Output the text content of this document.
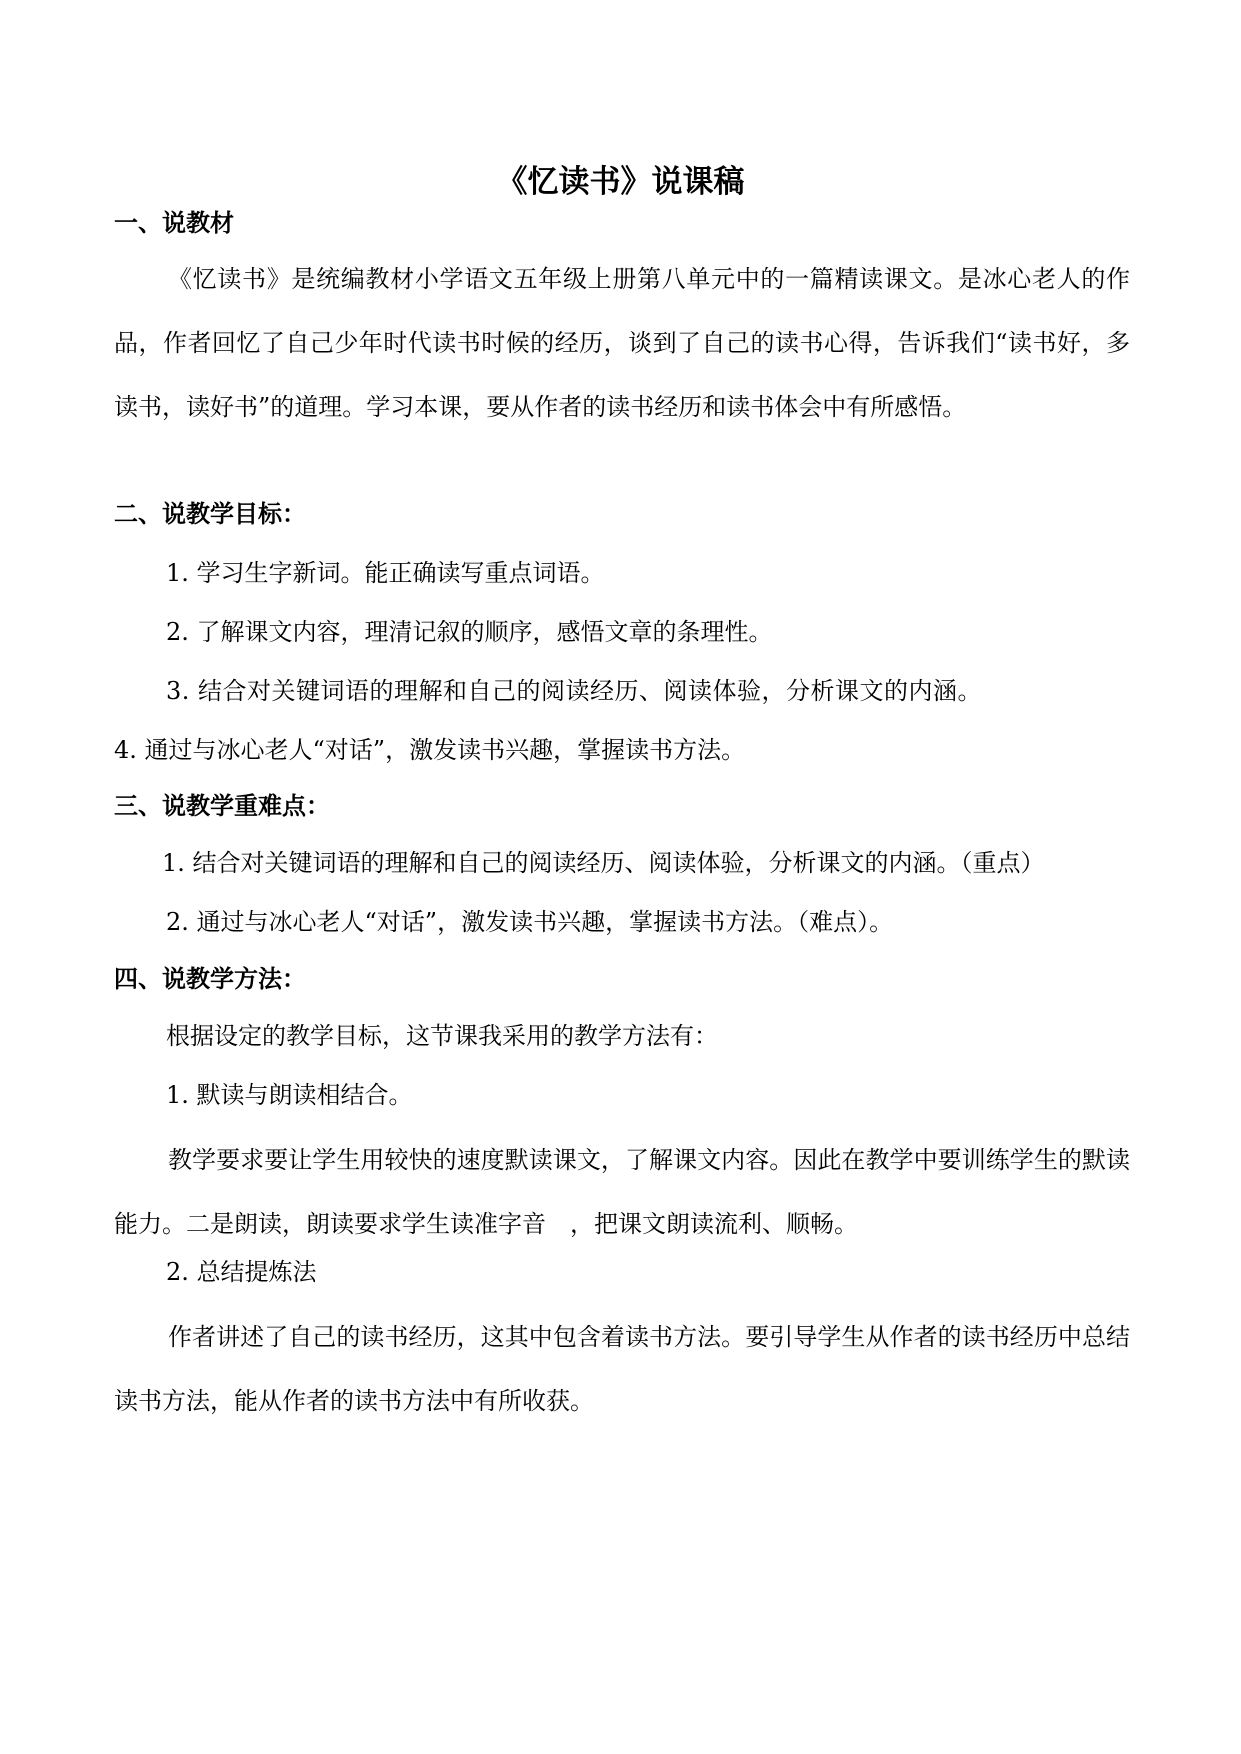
《忆读书》说课稿
一、说教材

《忆读书》是统编教材小学语文五年级上册第八单元中的一篇精读课文。是冰心老人的作品，作者回忆了自己少年时代读书时候的经历，谈到了自己的读书心得，告诉我们“读书好，多读书，读好书”的道理。学习本课，要从作者的读书经历和读书体会中有所感悟。

二、说教学目标：

1. 学习生字新词。能正确读写重点词语。

2. 了解课文内容，理清记叙的顺序，感悟文章的条理性。

3. 结合对关键词语的理解和自己的阅读经历、阅读体验，分析课文的内涵。

4. 通过与冰心老人“对话”，激发读书兴趣，掌握读书方法。

三、说教学重难点：

1. 结合对关键词语的理解和自己的阅读经历、阅读体验，分析课文的内涵。（重点）

2. 通过与冰心老人“对话”，激发读书兴趣，掌握读书方法。（难点）。

四、说教学方法：

根据设定的教学目标，这节课我采用的教学方法有：

1. 默读与朗读相结合。

教学要求要让学生用较快的速度默读课文，了解课文内容。因此在教学中要训练学生的默读能力。二是朗读，朗读要求学生读准字音　，把课文朗读流利、顺畅。

2. 总结提炼法

作者讲述了自己的读书经历，这其中包含着读书方法。要引导学生从作者的读书经历中总结读书方法，能从作者的读书方法中有所收获。
